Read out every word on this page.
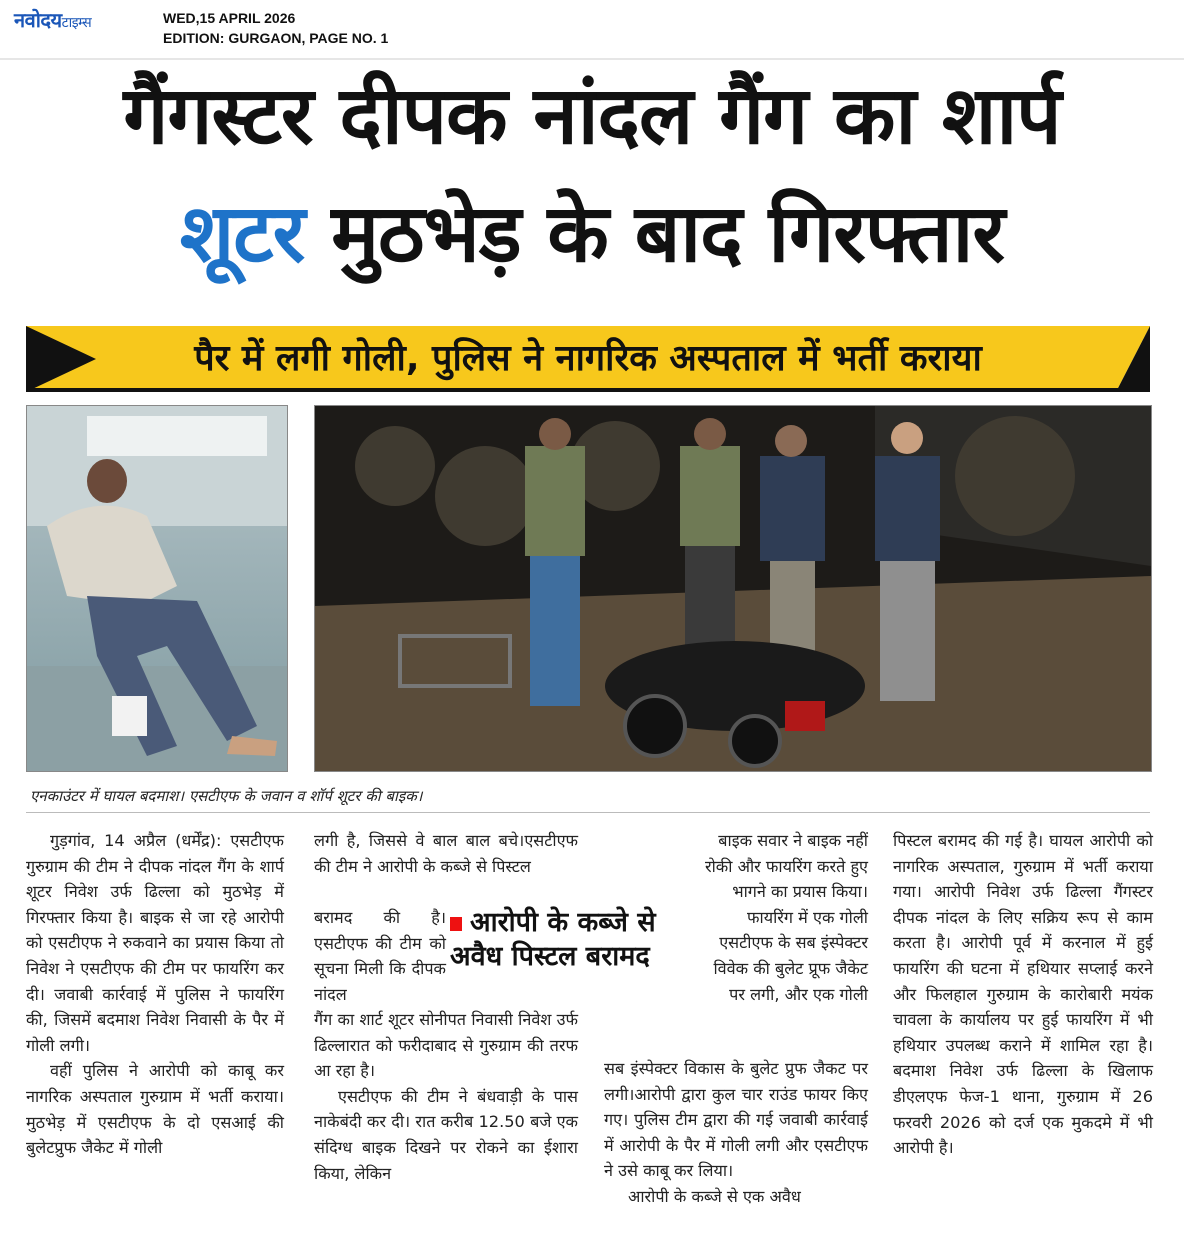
नवोदयटाइम्स	WED,15 APRIL 2026
EDITION: GURGAON, PAGE NO. 1
गैंगस्टर दीपक नांदल गैंग का शार्प
शूटर मुठभेड़ के बाद गिरफ्तार
पैर में लगी गोली, पुलिस ने नागरिक अस्पताल में भर्ती कराया
एनकाउंटर में घायल बदमाश। एसटीएफ के जवान व शॉर्प शूटर की बाइक।

गुड़गांव, 14 अप्रैल (धर्मेंद्र): एसटीएफ गुरुग्राम की टीम ने दीपक नांदल गैंग के शार्प शूटर निवेश उर्फ ढिल्ला को मुठभेड़ में गिरफ्तार किया है। बाइक से जा रहे आरोपी को एसटीएफ ने रुकवाने का प्रयास किया तो निवेश ने एसटीएफ की टीम पर फायरिंग कर दी। जवाबी कार्रवाई में पुलिस ने फायरिंग की, जिसमें बदमाश निवेश निवासी के पैर में गोली लगी।

वहीं पुलिस ने आरोपी को काबू कर नागरिक अस्पताल गुरुग्राम में भर्ती कराया। मुठभेड़ में एसटीएफ के दो एसआई की बुलेटप्रुफ जैकेट में गोली

लगी है, जिससे वे बाल बाल बचे।एसटीएफ की टीम ने आरोपी के कब्जे से पिस्टल

बरामद की है। एसटीएफ की टीम को सूचना मिली कि दीपक नांदल

गैंग का शार्ट शूटर सोनीपत निवासी निवेश उर्फ ढिल्लारात को फरीदाबाद से गुरुग्राम की तरफ आ रहा है।

एसटीएफ की टीम ने बंधवाड़ी के पास नाकेबंदी कर दी। रात करीब 12.50 बजे एक संदिग्ध बाइक दिखने पर रोकने का ईशारा किया, लेकिन

आरोपी के कब्जे से अवैध पिस्टल बरामद

बाइक सवार ने बाइक नहीं रोकी और फायरिंग करते हुए भागने का प्रयास किया।फायरिंग में एक गोली एसटीएफ के सब इंस्पेक्टर विवेक की बुलेट प्रूफ जैकेट पर लगी, और एक गोली

सब इंस्पेक्टर विकास के बुलेट प्रुफ जैकट पर लगी।आरोपी द्वारा कुल चार राउंड फायर किए गए। पुलिस टीम द्वारा की गई जवाबी कार्रवाई में आरोपी के पैर में गोली लगी और एसटीएफ ने उसे काबू कर लिया।

आरोपी के कब्जे से एक अवैध

पिस्टल बरामद की गई है। घायल आरोपी को नागरिक अस्पताल, गुरुग्राम में भर्ती कराया गया। आरोपी निवेश उर्फ ढिल्ला गैंगस्टर दीपक नांदल के लिए सक्रिय रूप से काम करता है। आरोपी पूर्व में करनाल में हुई फायरिंग की घटना में हथियार सप्लाई करने और फिलहाल गुरुग्राम के कारोबारी मयंक चावला के कार्यालय पर हुई फायरिंग में भी हथियार उपलब्ध कराने में शामिल रहा है।बदमाश निवेश उर्फ ढिल्ला के खिलाफ डीएलएफ फेज-1 थाना, गुरुग्राम में 26 फरवरी 2026 को दर्ज एक मुकदमे में भी आरोपी है।
